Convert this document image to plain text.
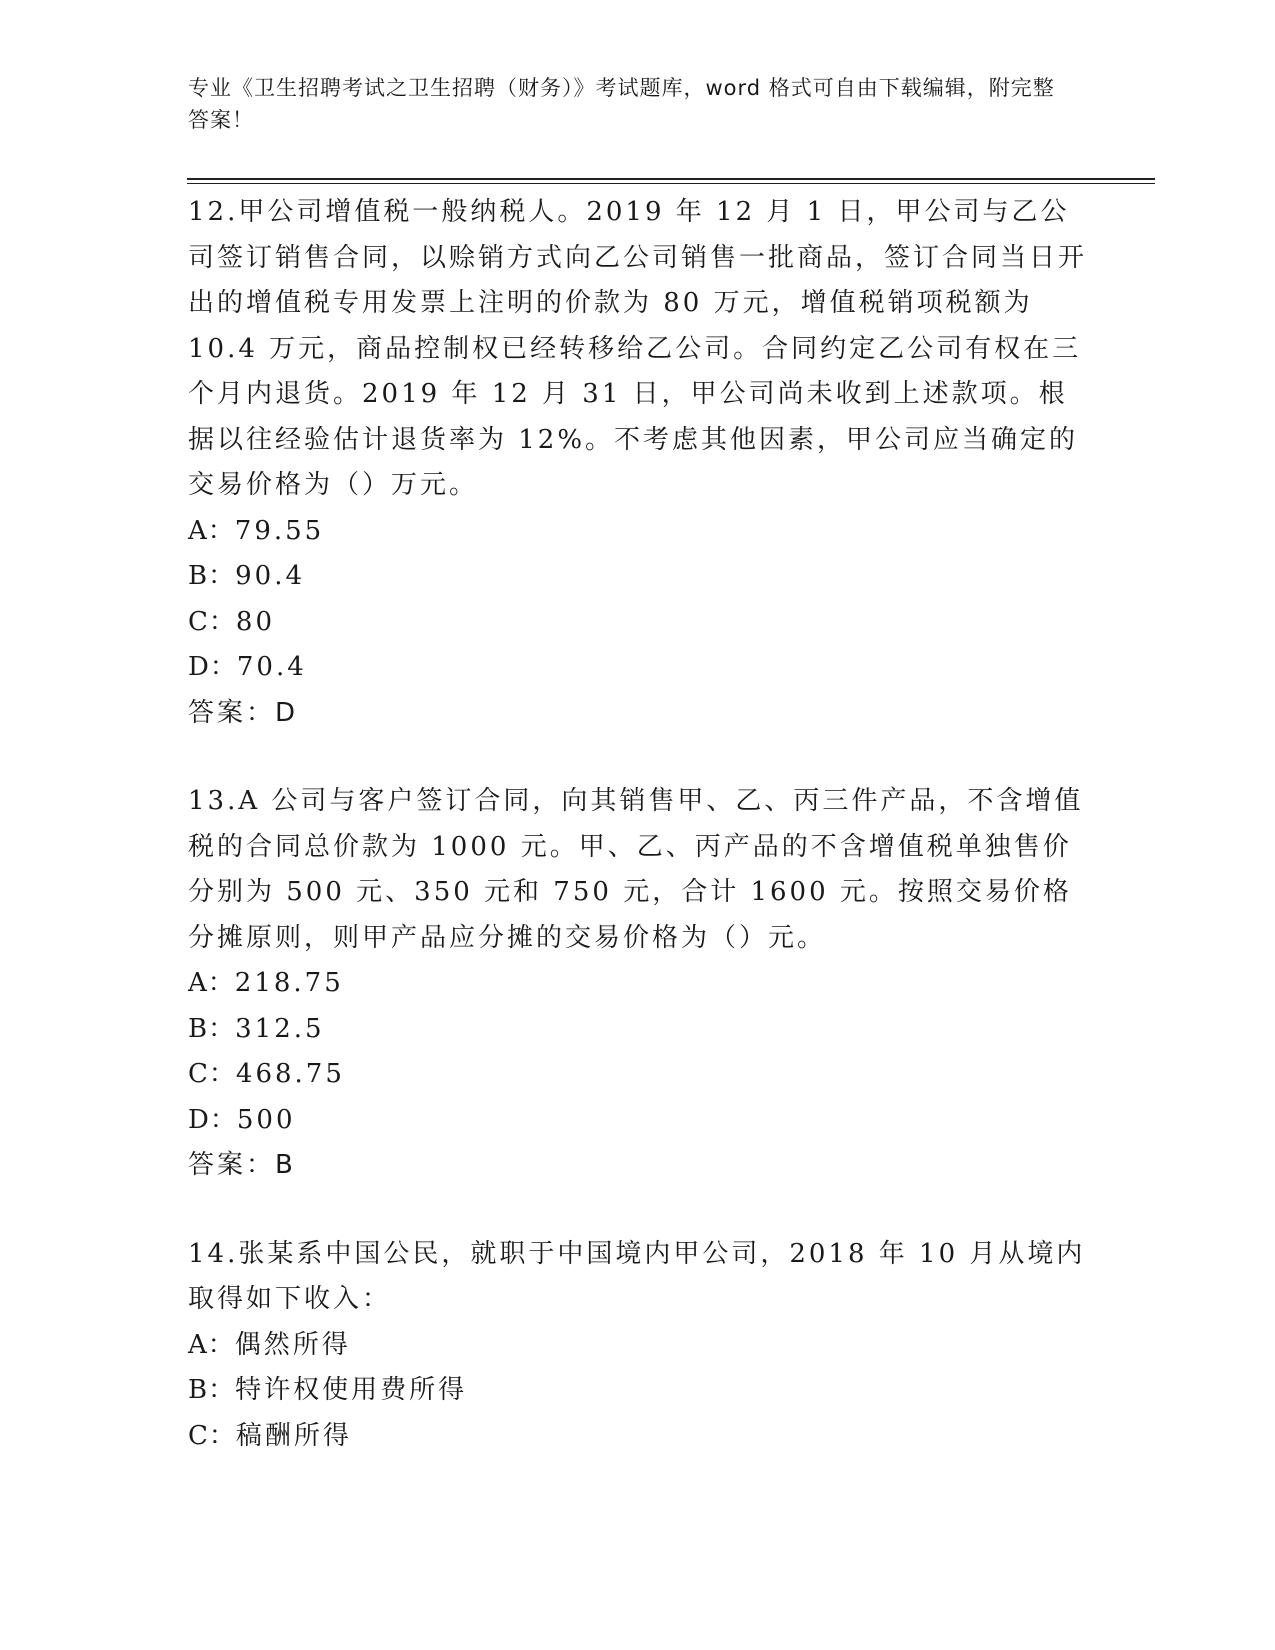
专业《卫生招聘考试之卫生招聘（财务）》考试题库，word 格式可自由下载编辑，附完整答案！

12.甲公司增值税一般纳税人。2019 年 12 月 1 日，甲公司与乙公司签订销售合同，以赊销方式向乙公司销售一批商品，签订合同当日开出的增值税专用发票上注明的价款为 80 万元，增值税销项税额为 10.4 万元，商品控制权已经转移给乙公司。合同约定乙公司有权在三个月内退货。2019 年 12 月 31 日，甲公司尚未收到上述款项。根据以往经验估计退货率为 12%。不考虑其他因素，甲公司应当确定的交易价格为（）万元。

A：79.55

B：90.4

C：80

D：70.4

答案：D

13.A 公司与客户签订合同，向其销售甲、乙、丙三件产品，不含增值税的合同总价款为 1000 元。甲、乙、丙产品的不含增值税单独售价分别为 500 元、350 元和 750 元，合计 1600 元。按照交易价格分摊原则，则甲产品应分摊的交易价格为（）元。

A：218.75

B：312.5

C：468.75

D：500

答案：B

14.张某系中国公民，就职于中国境内甲公司，2018 年 10 月从境内取得如下收入：

A：偶然所得

B：特许权使用费所得

C：稿酬所得
